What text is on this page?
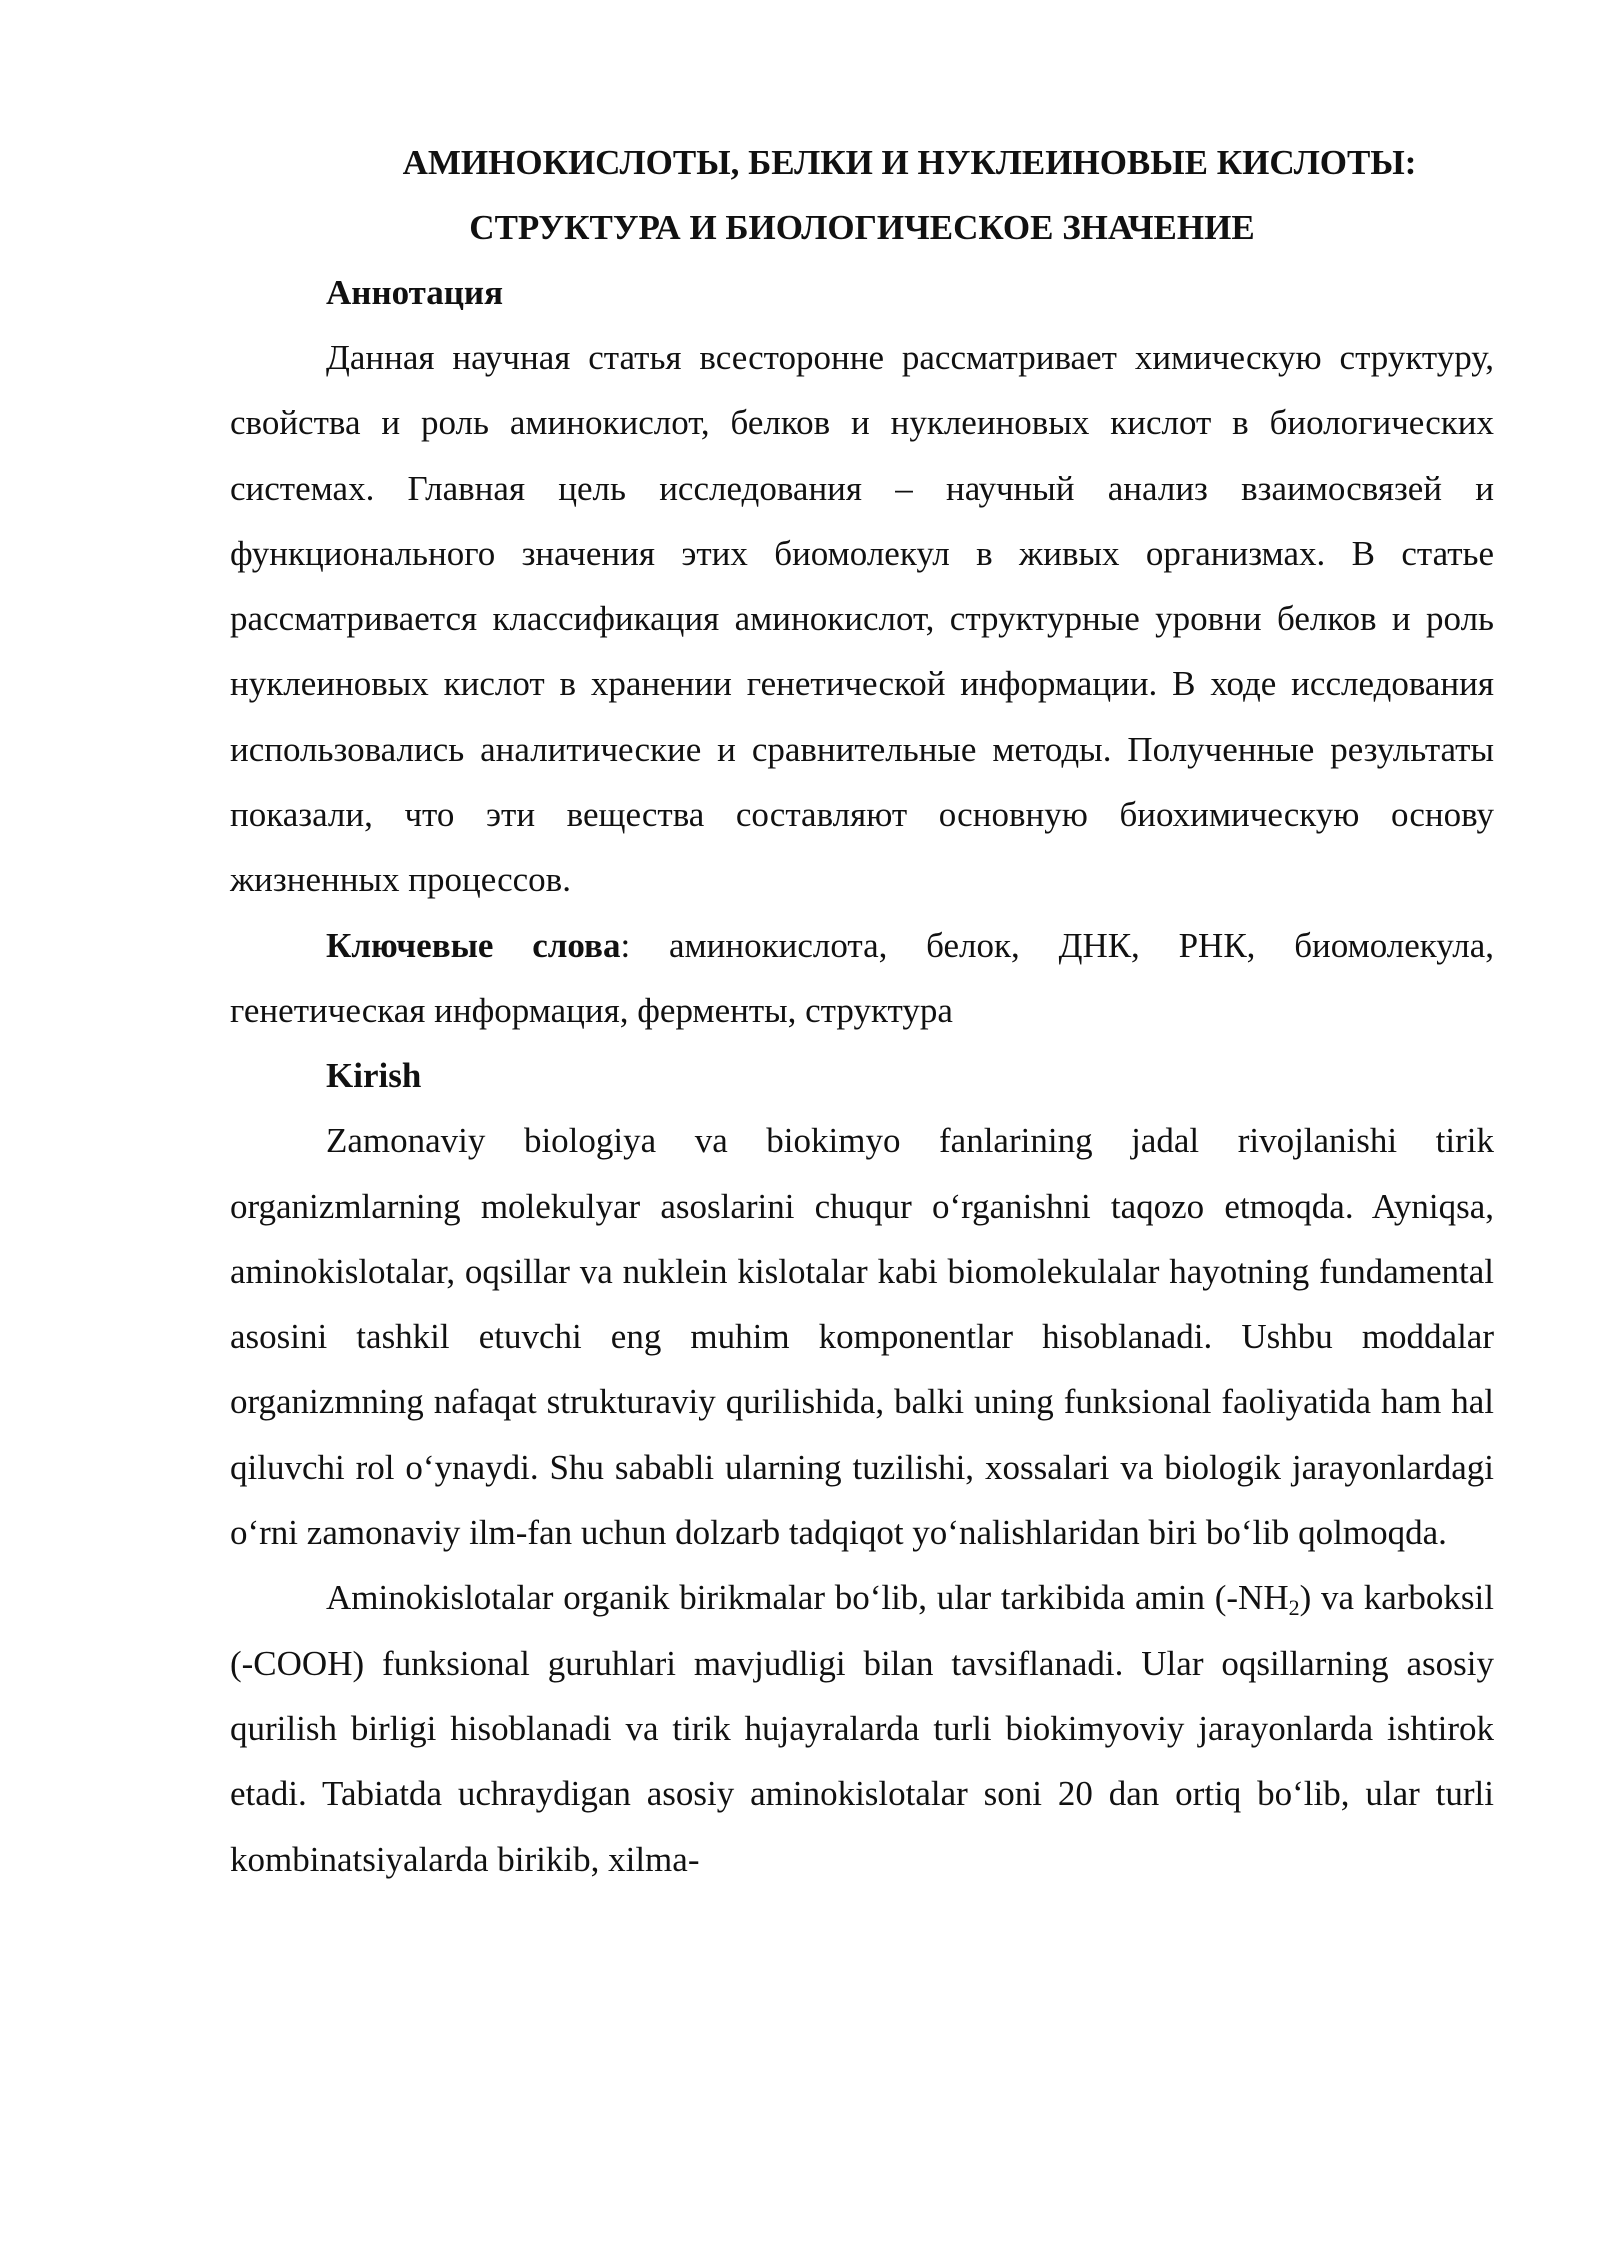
АМИНОКИСЛОТЫ, БЕЛКИ И НУКЛЕИНОВЫЕ КИСЛОТЫ:

СТРУКТУРА И БИОЛОГИЧЕСКОЕ ЗНАЧЕНИЕ

Аннотация

Данная научная статья всесторонне рассматривает химическую структуру, свойства и роль аминокислот, белков и нуклеиновых кислот в биологических системах. Главная цель исследования – научный анализ взаимосвязей и функционального значения этих биомолекул в живых организмах. В статье рассматривается классификация аминокислот, структурные уровни белков и роль нуклеиновых кислот в хранении генетической информации. В ходе исследования использовались аналитические и сравнительные методы. Полученные результаты показали, что эти вещества составляют основную биохимическую основу жизненных процессов.

Ключевые слова: аминокислота, белок, ДНК, РНК, биомолекула, генетическая информация, ферменты, структура

Kirish

Zamonaviy biologiya va biokimyo fanlarining jadal rivojlanishi tirik organizmlarning molekulyar asoslarini chuqur oʻrganishni taqozo etmoqda. Ayniqsa, aminokislotalar, oqsillar va nuklein kislotalar kabi biomolekulalar hayotning fundamental asosini tashkil etuvchi eng muhim komponentlar hisoblanadi. Ushbu moddalar organizmning nafaqat strukturaviy qurilishida, balki uning funksional faoliyatida ham hal qiluvchi rol oʻynaydi. Shu sababli ularning tuzilishi, xossalari va biologik jarayonlardagi oʻrni zamonaviy ilm-fan uchun dolzarb tadqiqot yoʻnalishlaridan biri boʻlib qolmoqda.

Aminokislotalar organik birikmalar boʻlib, ular tarkibida amin $(-NH_2)$ va karboksil (-COOH) funksional guruhlari mavjudligi bilan tavsiflanadi. Ular oqsillarning asosiy qurilish birligi hisoblanadi va tirik hujayralarda turli biokimyoviy jarayonlarda ishtirok etadi. Tabiatda uchraydigan asosiy aminokislotalar soni 20 dan ortiq boʻlib, ular turli kombinatsiyalarda birikib, xilma-
